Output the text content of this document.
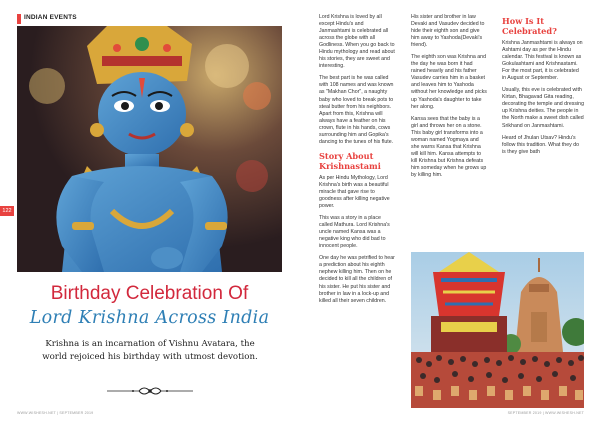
INDIAN EVENTS
122
Birthday Celebration Of
Lord Krishna Across India
Krishna is an incarnation of Vishnu Avatara, the world rejoiced his birthday with utmost devotion.
WWW.WISHESH.NET | SEPTEMBER 2019

Lord Krishna is loved by all except Hindu's and Janmashtami is celebrated all across the globe with all Godliness. When you go back to Hindu mythology and read about his stories, they are sweet and interesting.

The best part is he was called with 108 names and was known as "Makhan Chor", a naughty baby who loved to break pots to steal butter from his neighbors. Apart from this, Krishna will always have a feather on his crown, flute in his hands, cows surrounding him and Gopika's dancing to the tunes of his flute.

Story About Krishnastami

As per Hindu Mythology, Lord Krishna's birth was a beautiful miracle that gave rise to goodness after killing negative power.

This was a story in a place called Mathura. Lord Krishna's uncle named Kansa was a negative king who did bad to innocent people.

One day he was petrified to hear a prediction about his eighth nephew killing him. Then on he decided to kill all the children of his sister. He put his sister and brother in law in a lock-up and killed all their seven children.

His sister and brother in law Devaki and Vasudev decided to hide their eighth son and give him away to Yashoda(Devaki's friend).

The eighth son was Krishna and the day he was born it had rained heavily and his father Vasudev carries him in a basket and leaves him to Yashoda without her knowledge and picks up Yashoda's daughter to take her along.

Kansa sees that the baby is a girl and throws her on a stone. This baby girl transforms into a woman named Yogmaya and she warns Kansa that Krishna will kill him. Kansa attempts to kill Krishna but Krishna defeats him someday when he grows up by killing him.

How Is It Celebrated?

Krishna Janmashtami is always on Ashtami day as per the Hindu calendar. This festival is known as Gokulashtami and Krishnastami. For the most part, it is celebrated in August or September.

Usually, this eve is celebrated with Kirtan, Bhagavad Gita reading, decorating the temple and dressing up Krishna deities. The people in the North make a sweet dish called Srikhand on Janmashtami.

Heard of Jhulan Utsav? Hindu's follow this tradition. What they do is they give bath

SEPTEMBER 2019 | WWW.WISHESH.NET
